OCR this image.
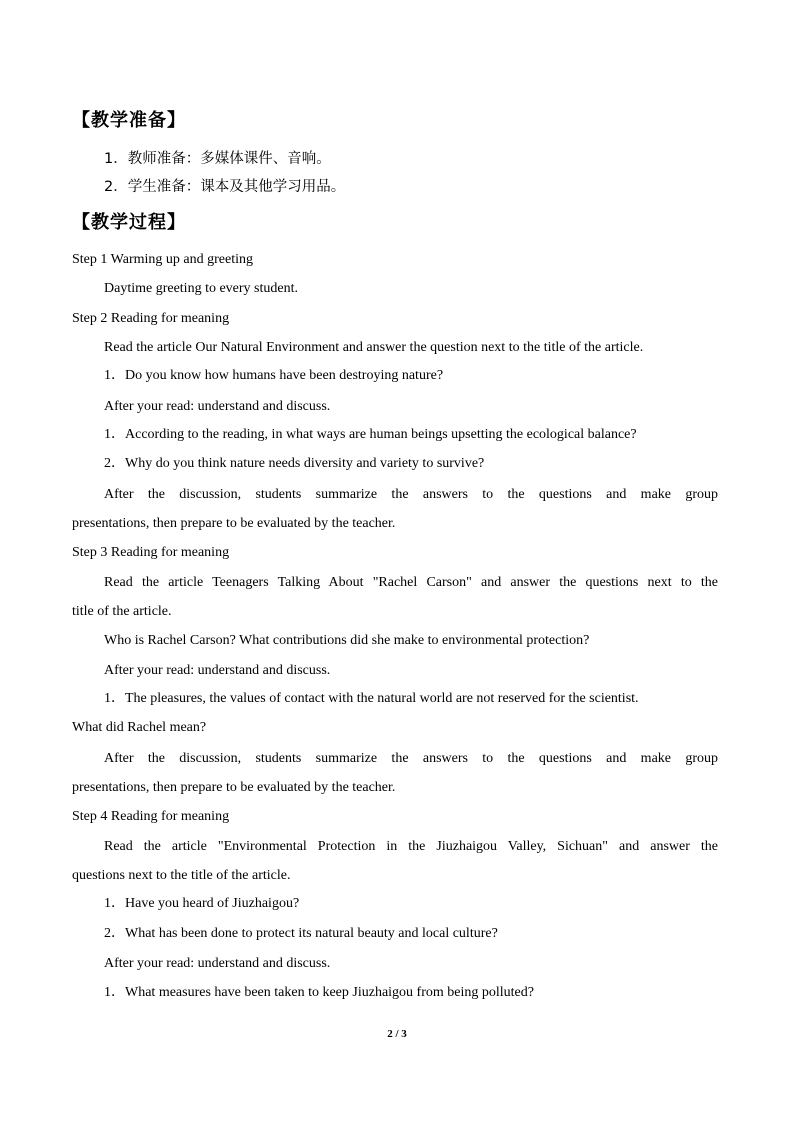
【教学准备】
1．教师准备：多媒体课件、音响。
2．学生准备：课本及其他学习用品。
【教学过程】
Step 1 Warming up and greeting
Daytime greeting to every student.
Step 2 Reading for meaning
Read the article Our Natural Environment and answer the question next to the title of the article.
1．Do you know how humans have been destroying nature?
After your read: understand and discuss.
1．According to the reading, in what ways are human beings upsetting the ecological balance?
2．Why do you think nature needs diversity and variety to survive?
After the discussion, students summarize the answers to the questions and make group
presentations, then prepare to be evaluated by the teacher.
Step 3 Reading for meaning
Read the article Teenagers Talking About "Rachel Carson" and answer the questions next to the
title of the article.
Who is Rachel Carson? What contributions did she make to environmental protection?
After your read: understand and discuss.
1．The pleasures, the values of contact with the natural world are not reserved for the scientist.
What did Rachel mean?
After the discussion, students summarize the answers to the questions and make group
presentations, then prepare to be evaluated by the teacher.
Step 4 Reading for meaning
Read the article "Environmental Protection in the Jiuzhaigou Valley, Sichuan" and answer the
questions next to the title of the article.
1．Have you heard of Jiuzhaigou?
2．What has been done to protect its natural beauty and local culture?
After your read: understand and discuss.
1．What measures have been taken to keep Jiuzhaigou from being polluted?
2 / 3
